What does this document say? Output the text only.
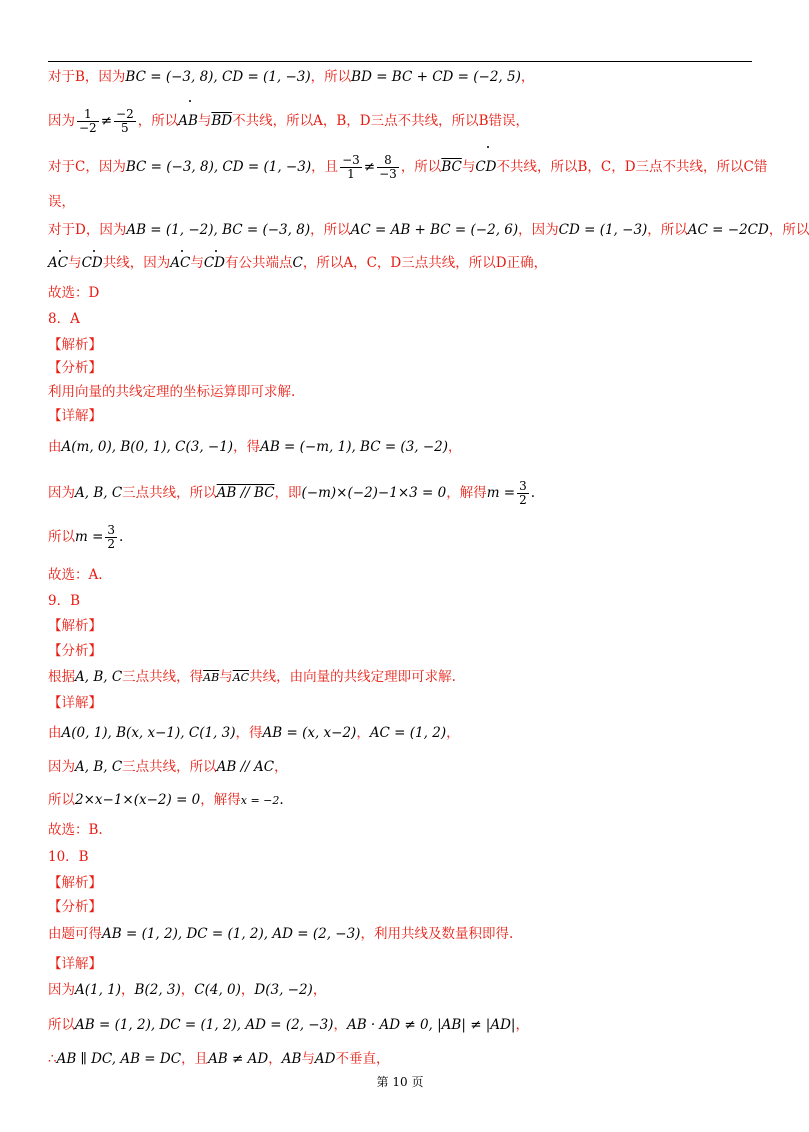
对于B，因为BC = (−3, 8), CD = (1, −3)，所以BD = BC + CD = (−2, 5)，
因为 $\frac{1}{-2} \ne \frac{-2}{5}$ ，所以AB与$\overline{BD}$不共线，所以A，B，D三点不共线，所以B错误，
对于C，因为BC = (−3, 8), CD = (1, −3)，且 $\frac{-3}{1} \ne \frac{8}{-3}$ ，所以$\overline{BC}$与CD不共线，所以B，C，D三点不共线，所以C错
误，
对于D，因为AB = (1, −2), BC = (−3, 8)，所以AC = AB + BC = (−2, 6)，因为CD = (1, −3)，所以AC = −2CD，所以
AC与CD共线，因为AC与CD有公共端点C，所以A，C，D三点共线，所以D正确，
故选：D
8．A
【解析】
【分析】
利用向量的共线定理的坐标运算即可求解.
【详解】
由A(m, 0), B(0, 1), C(3, −1)，得AB = (−m, 1), BC = (3, −2)，
因为A, B, C三点共线，所以AB // BC，即(−m)×(−2)−1×3 = 0，解得$m = \frac{3}{2}$ .
所以$m = \frac{3}{2}$ .
故选：A.
9．B
【解析】
【分析】
根据A, B, C三点共线，得$\overline{AB}$与$\overline{AC}$共线，由向量的共线定理即可求解.
【详解】
由A(0, 1), B(x, x−1), C(1, 3)，得AB = (x, x−2)，AC = (1, 2)，
因为A, B, C三点共线，所以AB // AC，
所以2×x−1×(x−2) = 0，解得x = −2.
故选：B.
10．B
【解析】
【分析】
由题可得AB = (1, 2), DC = (1, 2), AD = (2, −3)，利用共线及数量积即得.
【详解】
因为A(1, 1)，B(2, 3)，C(4, 0)，D(3, −2)，
所以AB = (1, 2), DC = (1, 2), AD = (2, −3)，AB · AD ≠ 0, |AB| ≠ |AD|，
∴AB ∥ DC, AB = DC，且AB ≠ AD，AB与AD不垂直，
第 10 页
